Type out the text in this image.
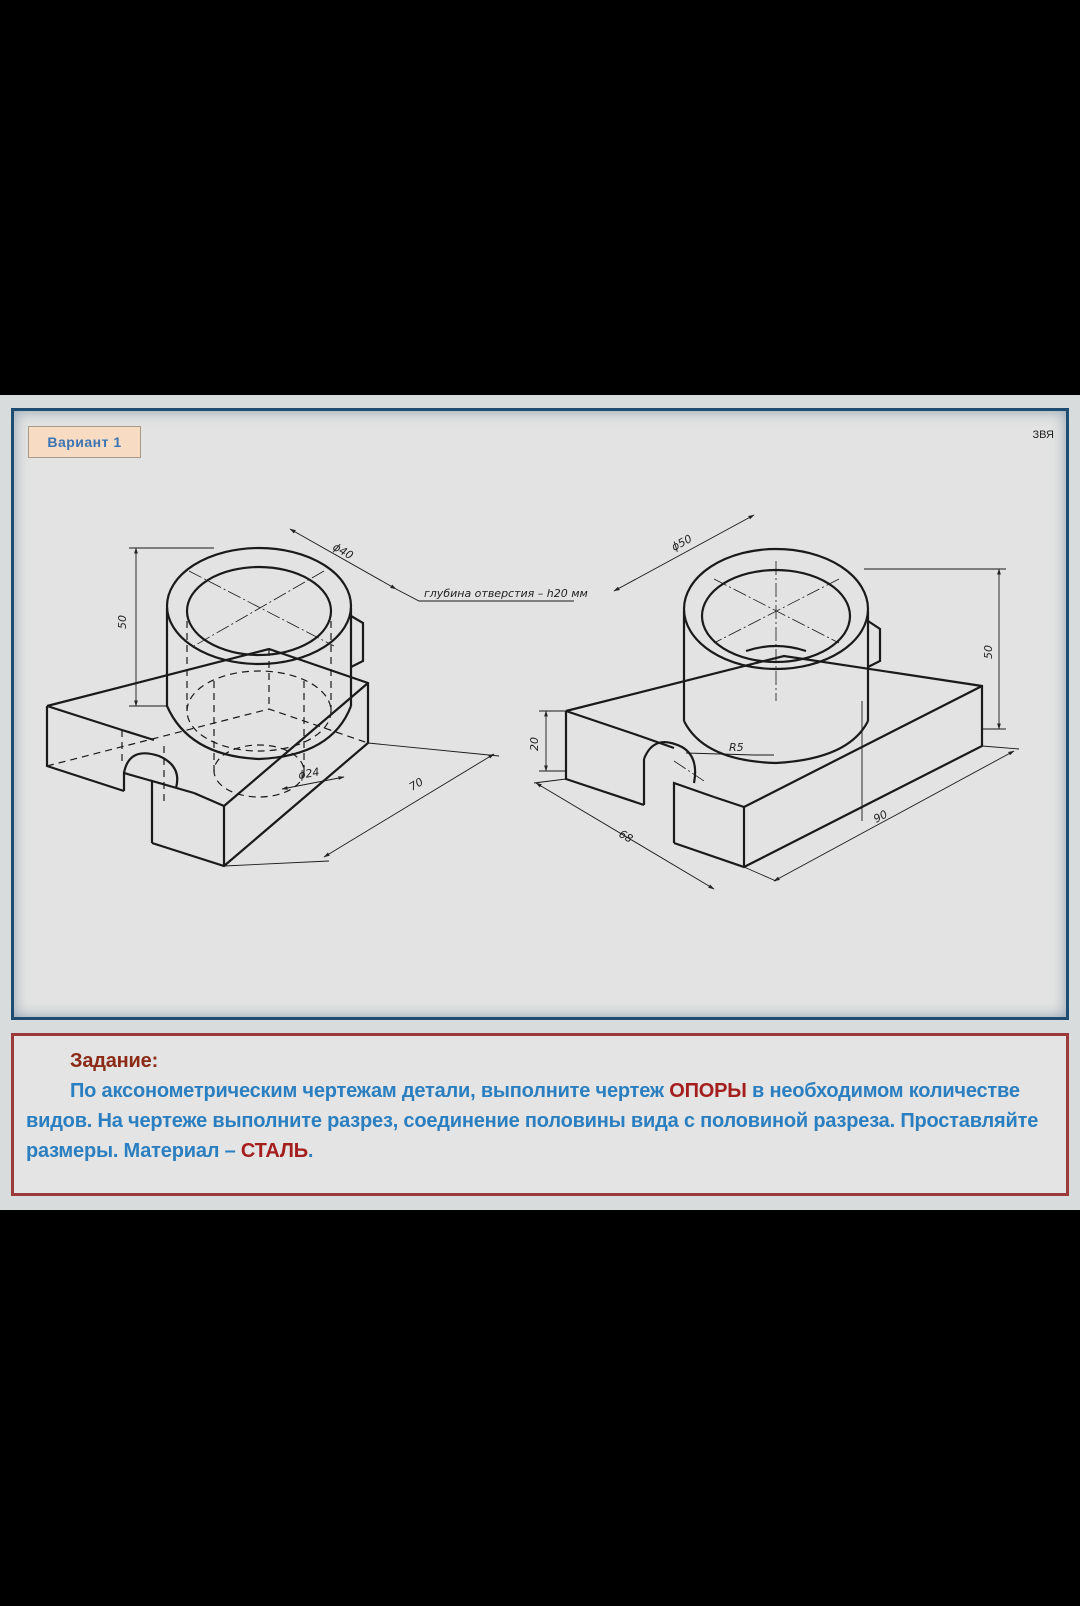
Вариант 1	ЗВЯ
50
ϕ40
глубина отверстия – h20 мм
ϕ24
70
ϕ50
50
20	R5
68
90
Задание:
По аксонометрическим чертежам детали, выполните чертеж ОПОРЫ в необходимом количестве видов. На чертеже выполните разрез, соединение половины вида с половиной разреза. Проставляйте размеры. Материал – СТАЛЬ.
